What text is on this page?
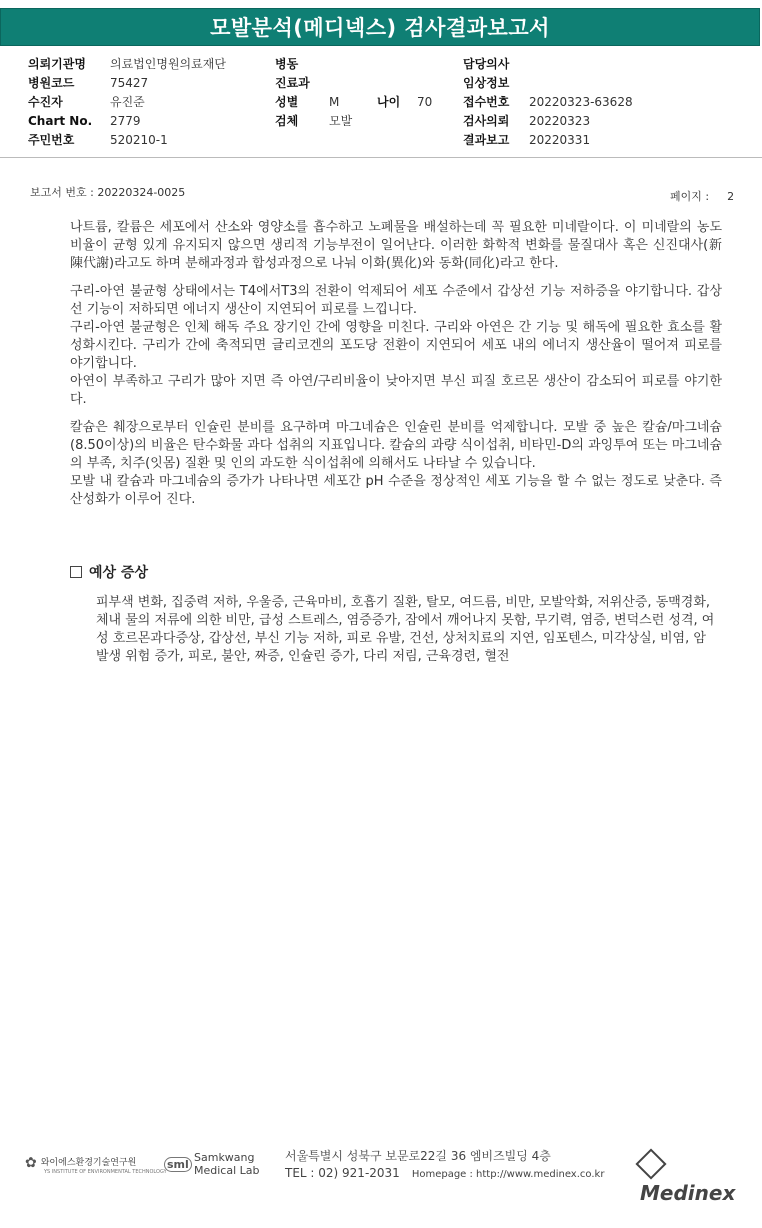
모발분석(메디넥스) 검사결과보고서
의뢰기관명 의료법인명원의료재단
병원코드	75427
수진자	유진준
Chart No. 2779
주민번호	520210-1
병동
진료과
성별	M	나이 70
검체	모발
담당의사
임상정보
접수번호 20220323-63628
검사의뢰 20220323
결과보고 20220331
보고서 번호 : 20220324-0025	페이지 : 2

나트륨, 칼륨은 세포에서 산소와 영양소를 흡수하고 노폐물을 배설하는데 꼭 필요한 미네랄이다. 이 미네랄의 농도 비율이 균형 있게 유지되지 않으면 생리적 기능부전이 일어난다. 이러한 화학적 변화를 물질대사 혹은 신진대사(新陳代謝)라고도 하며 분해과정과 합성과정으로 나눠 이화(異化)와 동화(同化)라고 한다.

구리-아연 불균형 상태에서는 T4에서T3의 전환이 억제되어 세포 수준에서 갑상선 기능 저하증을 야기합니다. 갑상선 기능이 저하되면 에너지 생산이 지연되어 피로를 느낍니다.

구리-아연 불균형은 인체 해독 주요 장기인 간에 영향을 미친다. 구리와 아연은 간 기능 및 해독에 필요한 효소를 활성화시킨다. 구리가 간에 축적되면 글리코겐의 포도당 전환이 지연되어 세포 내의 에너지 생산율이 떨어져 피로를 야기합니다.

아연이 부족하고 구리가 많아 지면 즉 아연/구리비율이 낮아지면 부신 피질 호르몬 생산이 감소되어 피로를 야기한다.

칼슘은 췌장으로부터 인슐린 분비를 요구하며 마그네슘은 인슐린 분비를 억제합니다. 모발 중 높은 칼슘/마그네슘(8.50이상)의 비율은 탄수화물 과다 섭취의 지표입니다. 칼슘의 과량 식이섭취, 비타민-D의 과잉투여 또는 마그네슘의 부족, 치주(잇몸) 질환 및 인의 과도한 식이섭취에 의해서도 나타날 수 있습니다.

모발 내 칼슘과 마그네슘의 증가가 나타나면 세포간 pH 수준을 정상적인 세포 기능을 할 수 없는 정도로 낮춘다. 즉 산성화가 이루어 진다.

예상 증상
피부색 변화, 집중력 저하, 우울증, 근육마비, 호흡기 질환, 탈모, 여드름, 비만, 모발악화, 저위산증, 동맥경화, 체내 물의 저류에 의한 비만, 급성 스트레스, 염증증가, 잠에서 깨어나지 못함, 무기력, 염증, 변덕스런 성격, 여성 호르몬과다증상, 갑상선, 부신 기능 저하, 피로 유발, 건선, 상처치료의 지연, 임포텐스, 미각상실, 비염, 암 발생 위험 증가, 피로, 불안, 짜증, 인슐린 증가, 다리 저림, 근육경련, 혈전
✿ 와이에스환경기술연구원
YS INSTITUTE OF ENVIRONMENTAL TECHNOLOGY
sml
Samkwang
Medical Lab
서울특별시 성북구 보문로22길 36 엠비즈빌딩 4층
TEL : 02) 921-2031 Homepage : http://www.medinex.co.kr
Medinex
